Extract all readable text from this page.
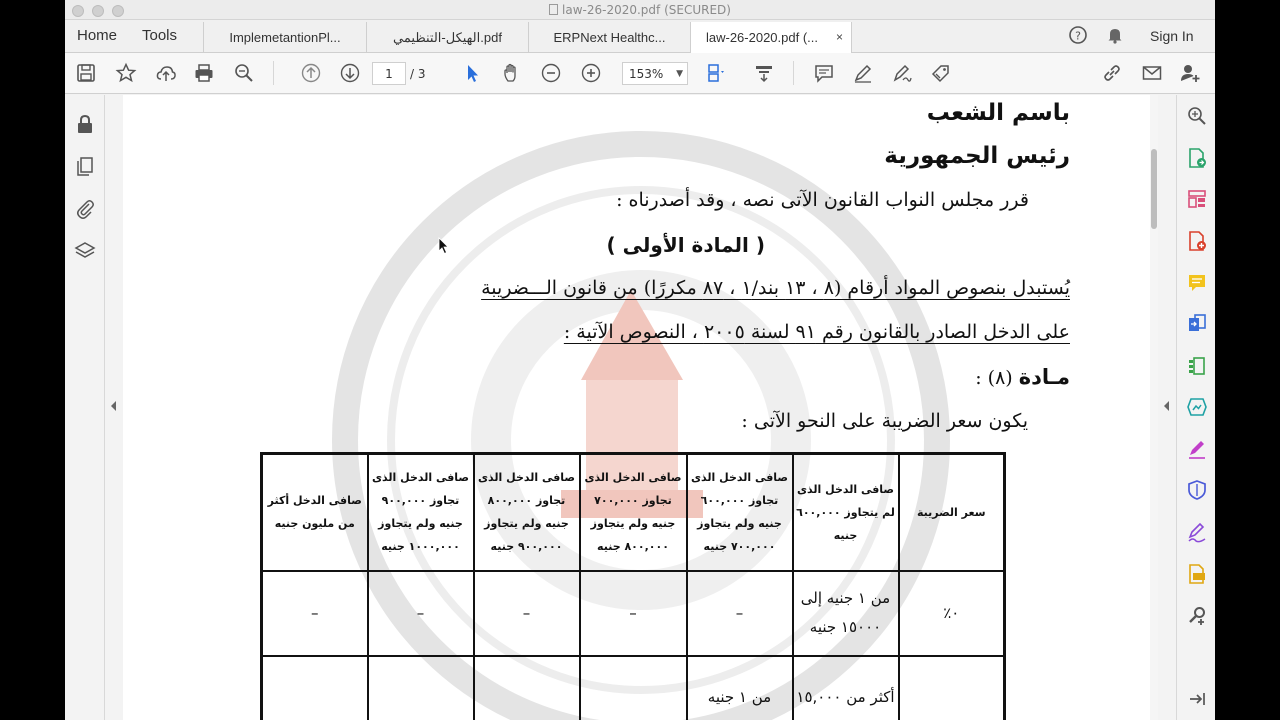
law-26-2020.pdf (SECURED)
Home Tools	ImplemetantionPl...	الهيكل-التنظيمي.pdf	ERPNext Healthc...	law-26-2020.pdf (... ×	?	Sign In
1	/ 3	153% ▼
باسم الشعب
رئيس الجمهورية
قرر مجلس النواب القانون الآتى نصه ، وقد أصدرناه :
( المادة الأولى )
يُستبدل بنصوص المواد أرقام (٨ ، ١٣ بند/١ ، ٨٧ مكررًا) من قانون الـــضريبة
على الدخل الصادر بالقانون رقم ٩١ لسنة ٢٠٠٥ ، النصوص الآتية :
مـادة (٨) :
يكون سعر الضريبة على النحو الآتى :
سعر الضريبة	صافى الدخل الذى لم يتجاوز ٦٠٠,٠٠٠ جنيه	صافى الدخل الذى تجاوز ٦٠٠,٠٠٠ جنيه ولم يتجاوز ٧٠٠,٠٠٠ جنيه	صافى الدخل الذى تجاوز ٧٠٠,٠٠٠ جنيه ولم يتجاوز ٨٠٠,٠٠٠ جنيه	صافى الدخل الذى تجاوز ٨٠٠,٠٠٠ جنيه ولم يتجاوز ٩٠٠,٠٠٠ جنيه	صافى الدخل الذى تجاوز ٩٠٠,٠٠٠ جنيه ولم يتجاوز ١٠٠٠,٠٠٠ جنيه	صافى الدخل أكثر من مليون جنيه
٠٪	من ١ جنيه إلى ١٥٠٠٠ جنيه	–	–	–	–	–
	أكثر من ١٥,٠٠٠	من ١ جنيه				
